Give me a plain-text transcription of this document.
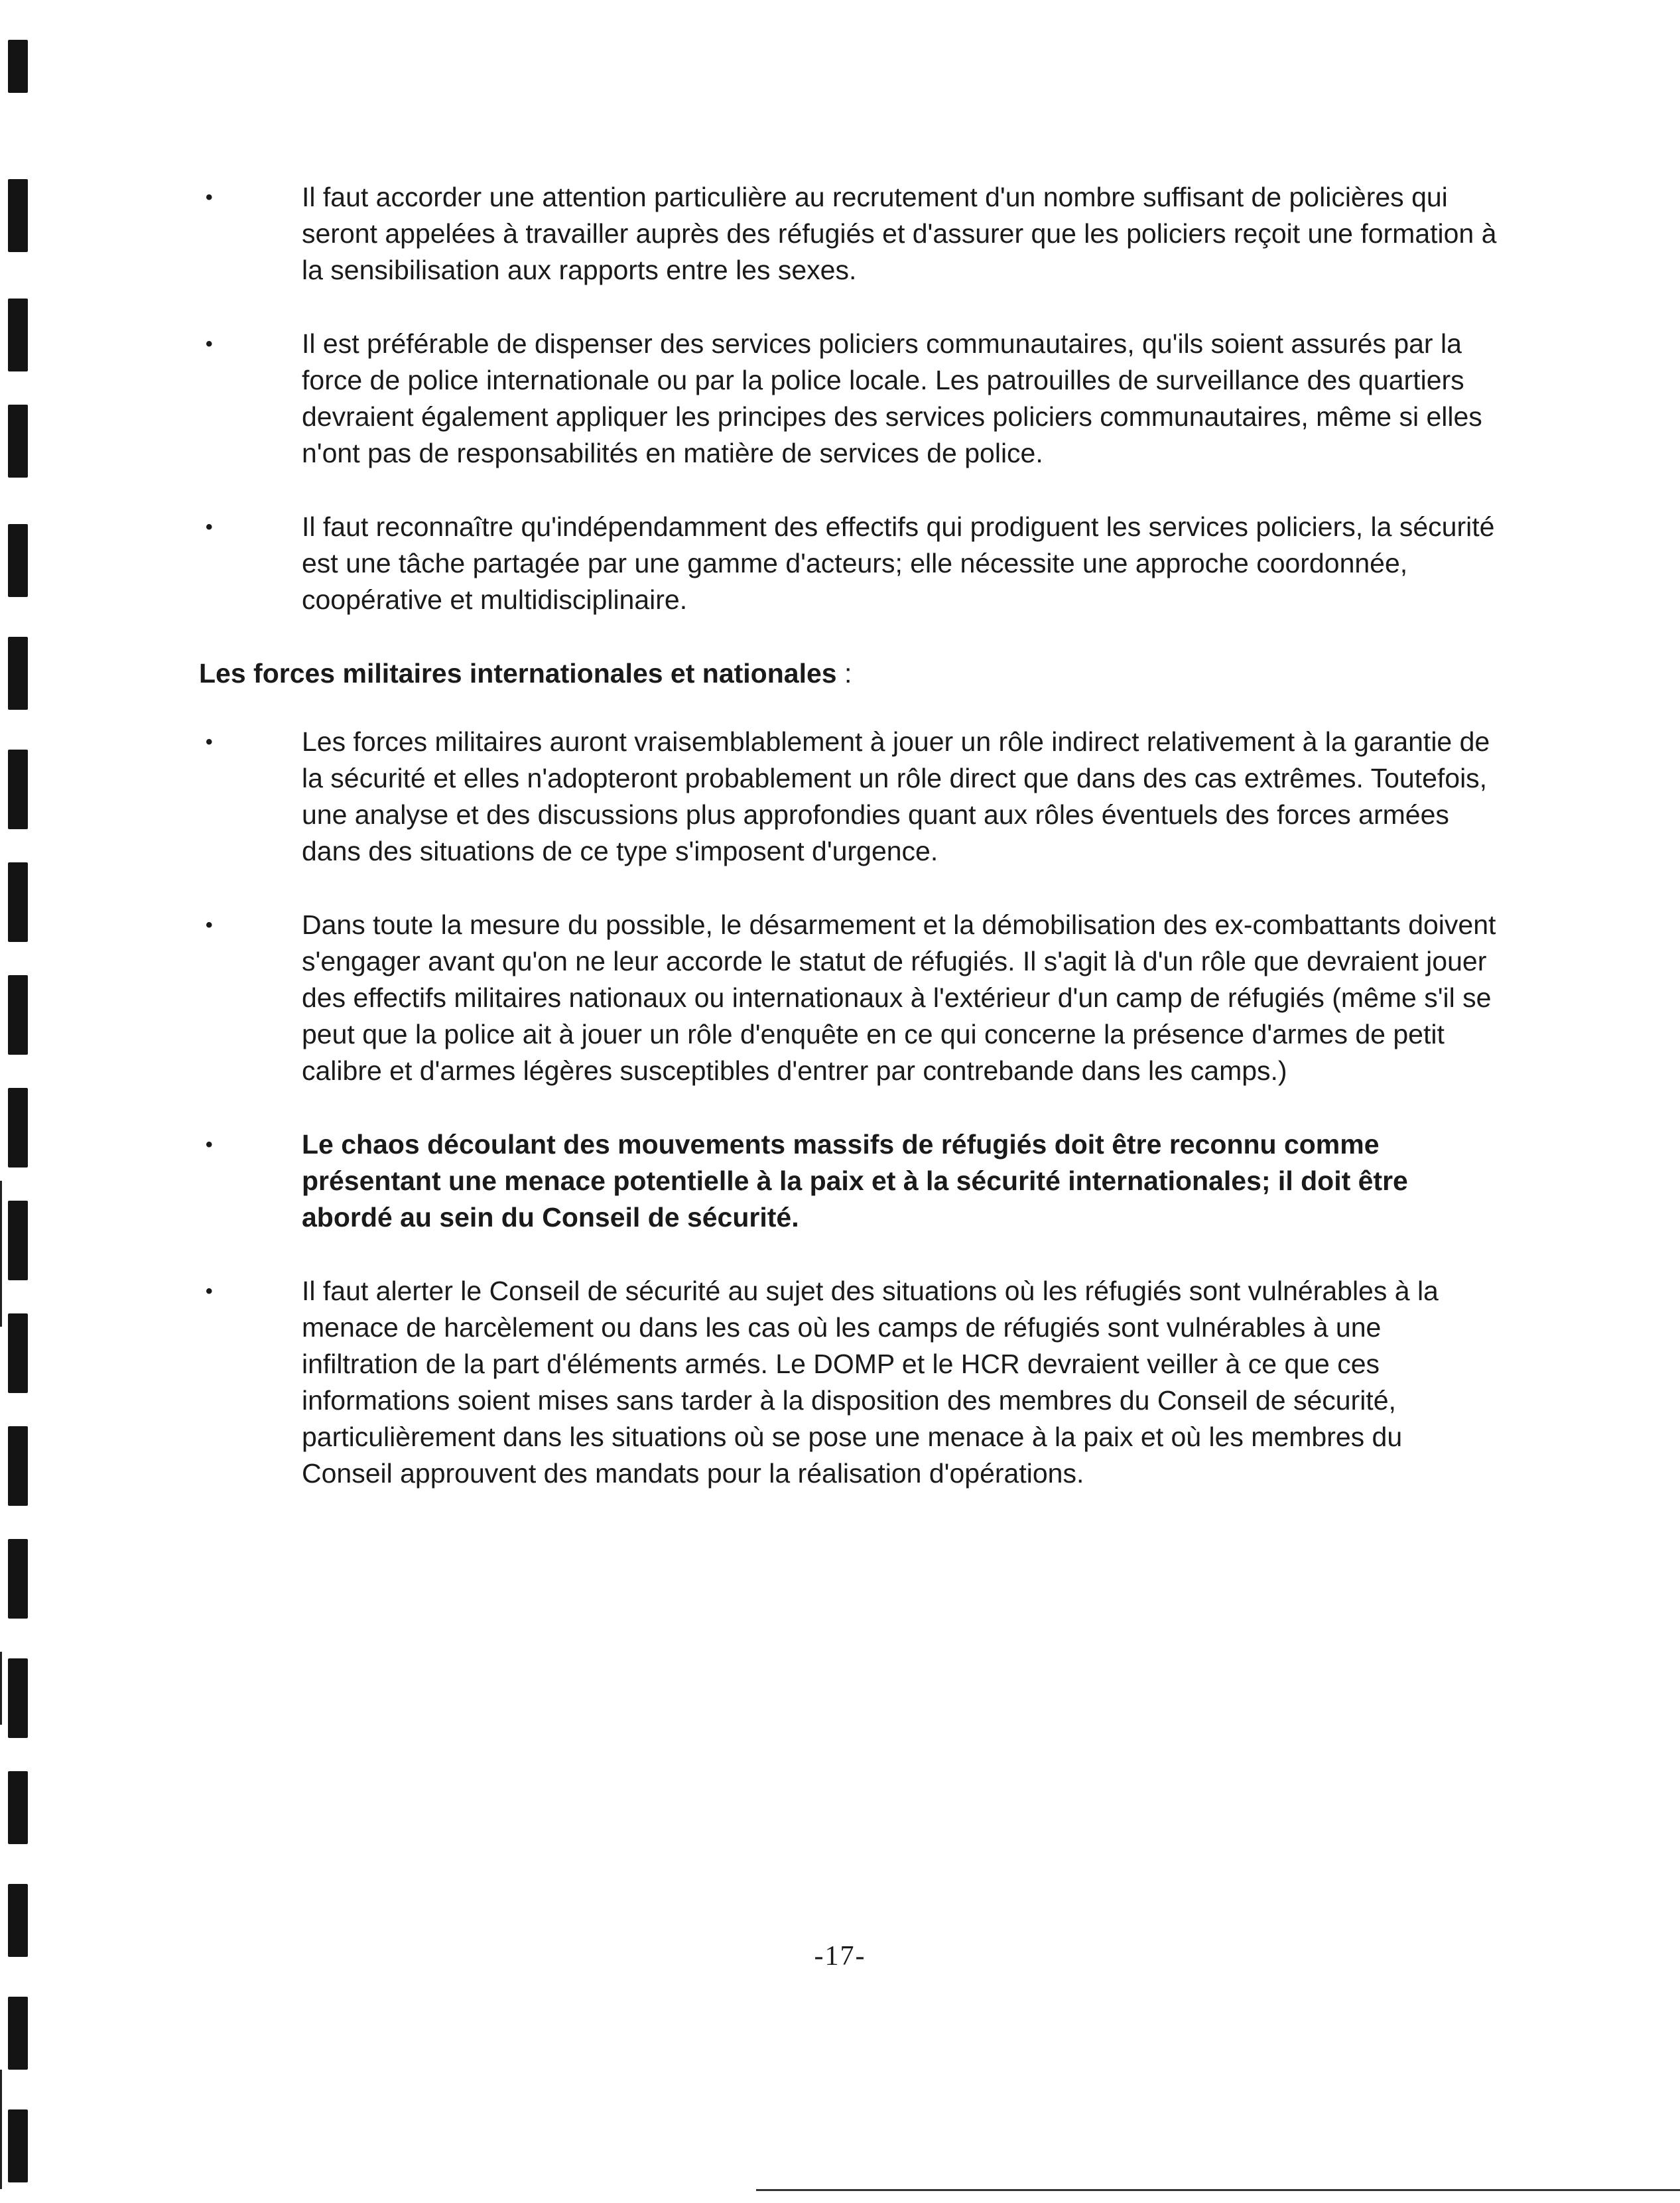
•	Il faut accorder une attention particulière au recrutement d'un nombre suffisant de policières qui seront appelées à travailler auprès des réfugiés et d'assurer que les policiers reçoit une formation à la sensibilisation aux rapports entre les sexes.
•	Il est préférable de dispenser des services policiers communautaires, qu'ils soient assurés par la force de police internationale ou par la police locale. Les patrouilles de surveillance des quartiers devraient également appliquer les principes des services policiers communautaires, même si elles n'ont pas de responsabilités en matière de services de police.
•	Il faut reconnaître qu'indépendamment des effectifs qui prodiguent les services policiers, la sécurité est une tâche partagée par une gamme d'acteurs; elle nécessite une approche coordonnée, coopérative et multidisciplinaire.
Les forces militaires internationales et nationales :
•	Les forces militaires auront vraisemblablement à jouer un rôle indirect relativement à la garantie de la sécurité et elles n'adopteront probablement un rôle direct que dans des cas extrêmes. Toutefois, une analyse et des discussions plus approfondies quant aux rôles éventuels des forces armées dans des situations de ce type s'imposent d'urgence.
•	Dans toute la mesure du possible, le désarmement et la démobilisation des ex-combattants doivent s'engager avant qu'on ne leur accorde le statut de réfugiés. Il s'agit là d'un rôle que devraient jouer des effectifs militaires nationaux ou internationaux à l'extérieur d'un camp de réfugiés (même s'il se peut que la police ait à jouer un rôle d'enquête en ce qui concerne la présence d'armes de petit calibre et d'armes légères susceptibles d'entrer par contrebande dans les camps.)
•	Le chaos découlant des mouvements massifs de réfugiés doit être reconnu comme présentant une menace potentielle à la paix et à la sécurité internationales; il doit être abordé au sein du Conseil de sécurité.
•	Il faut alerter le Conseil de sécurité au sujet des situations où les réfugiés sont vulnérables à la menace de harcèlement ou dans les cas où les camps de réfugiés sont vulnérables à une infiltration de la part d'éléments armés. Le DOMP et le HCR devraient veiller à ce que ces informations soient mises sans tarder à la disposition des membres du Conseil de sécurité, particulièrement dans les situations où se pose une menace à la paix et où les membres du Conseil approuvent des mandats pour la réalisation d'opérations.
-17-
